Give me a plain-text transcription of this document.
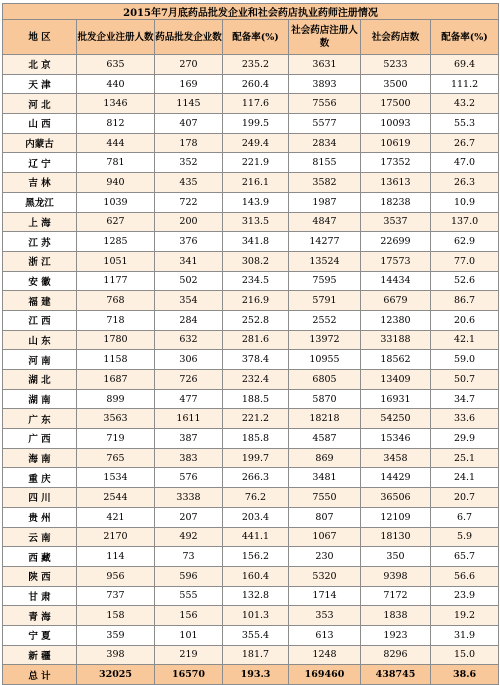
2015年7月底药品批发企业和社会药店执业药师注册情况						
地 区	批发企业注册人数	药品批发企业数	配备率(%)	社会药店注册人数	社会药店数	配备率(%)
北 京	635	270	235.2	3631	5233	69.4
天 津	440	169	260.4	3893	3500	111.2
河 北	1346	1145	117.6	7556	17500	43.2
山 西	812	407	199.5	5577	10093	55.3
内蒙古	444	178	249.4	2834	10619	26.7
辽 宁	781	352	221.9	8155	17352	47.0
吉 林	940	435	216.1	3582	13613	26.3
黑龙江	1039	722	143.9	1987	18238	10.9
上 海	627	200	313.5	4847	3537	137.0
江 苏	1285	376	341.8	14277	22699	62.9
浙 江	1051	341	308.2	13524	17573	77.0
安 徽	1177	502	234.5	7595	14434	52.6
福 建	768	354	216.9	5791	6679	86.7
江 西	718	284	252.8	2552	12380	20.6
山 东	1780	632	281.6	13972	33188	42.1
河 南	1158	306	378.4	10955	18562	59.0
湖 北	1687	726	232.4	6805	13409	50.7
湖 南	899	477	188.5	5870	16931	34.7
广 东	3563	1611	221.2	18218	54250	33.6
广 西	719	387	185.8	4587	15346	29.9
海 南	765	383	199.7	869	3458	25.1
重 庆	1534	576	266.3	3481	14429	24.1
四 川	2544	3338	76.2	7550	36506	20.7
贵 州	421	207	203.4	807	12109	6.7
云 南	2170	492	441.1	1067	18130	5.9
西 藏	114	73	156.2	230	350	65.7
陕 西	956	596	160.4	5320	9398	56.6
甘 肃	737	555	132.8	1714	7172	23.9
青 海	158	156	101.3	353	1838	19.2
宁 夏	359	101	355.4	613	1923	31.9
新 疆	398	219	181.7	1248	8296	15.0
总 计	32025	16570	193.3	169460	438745	38.6
